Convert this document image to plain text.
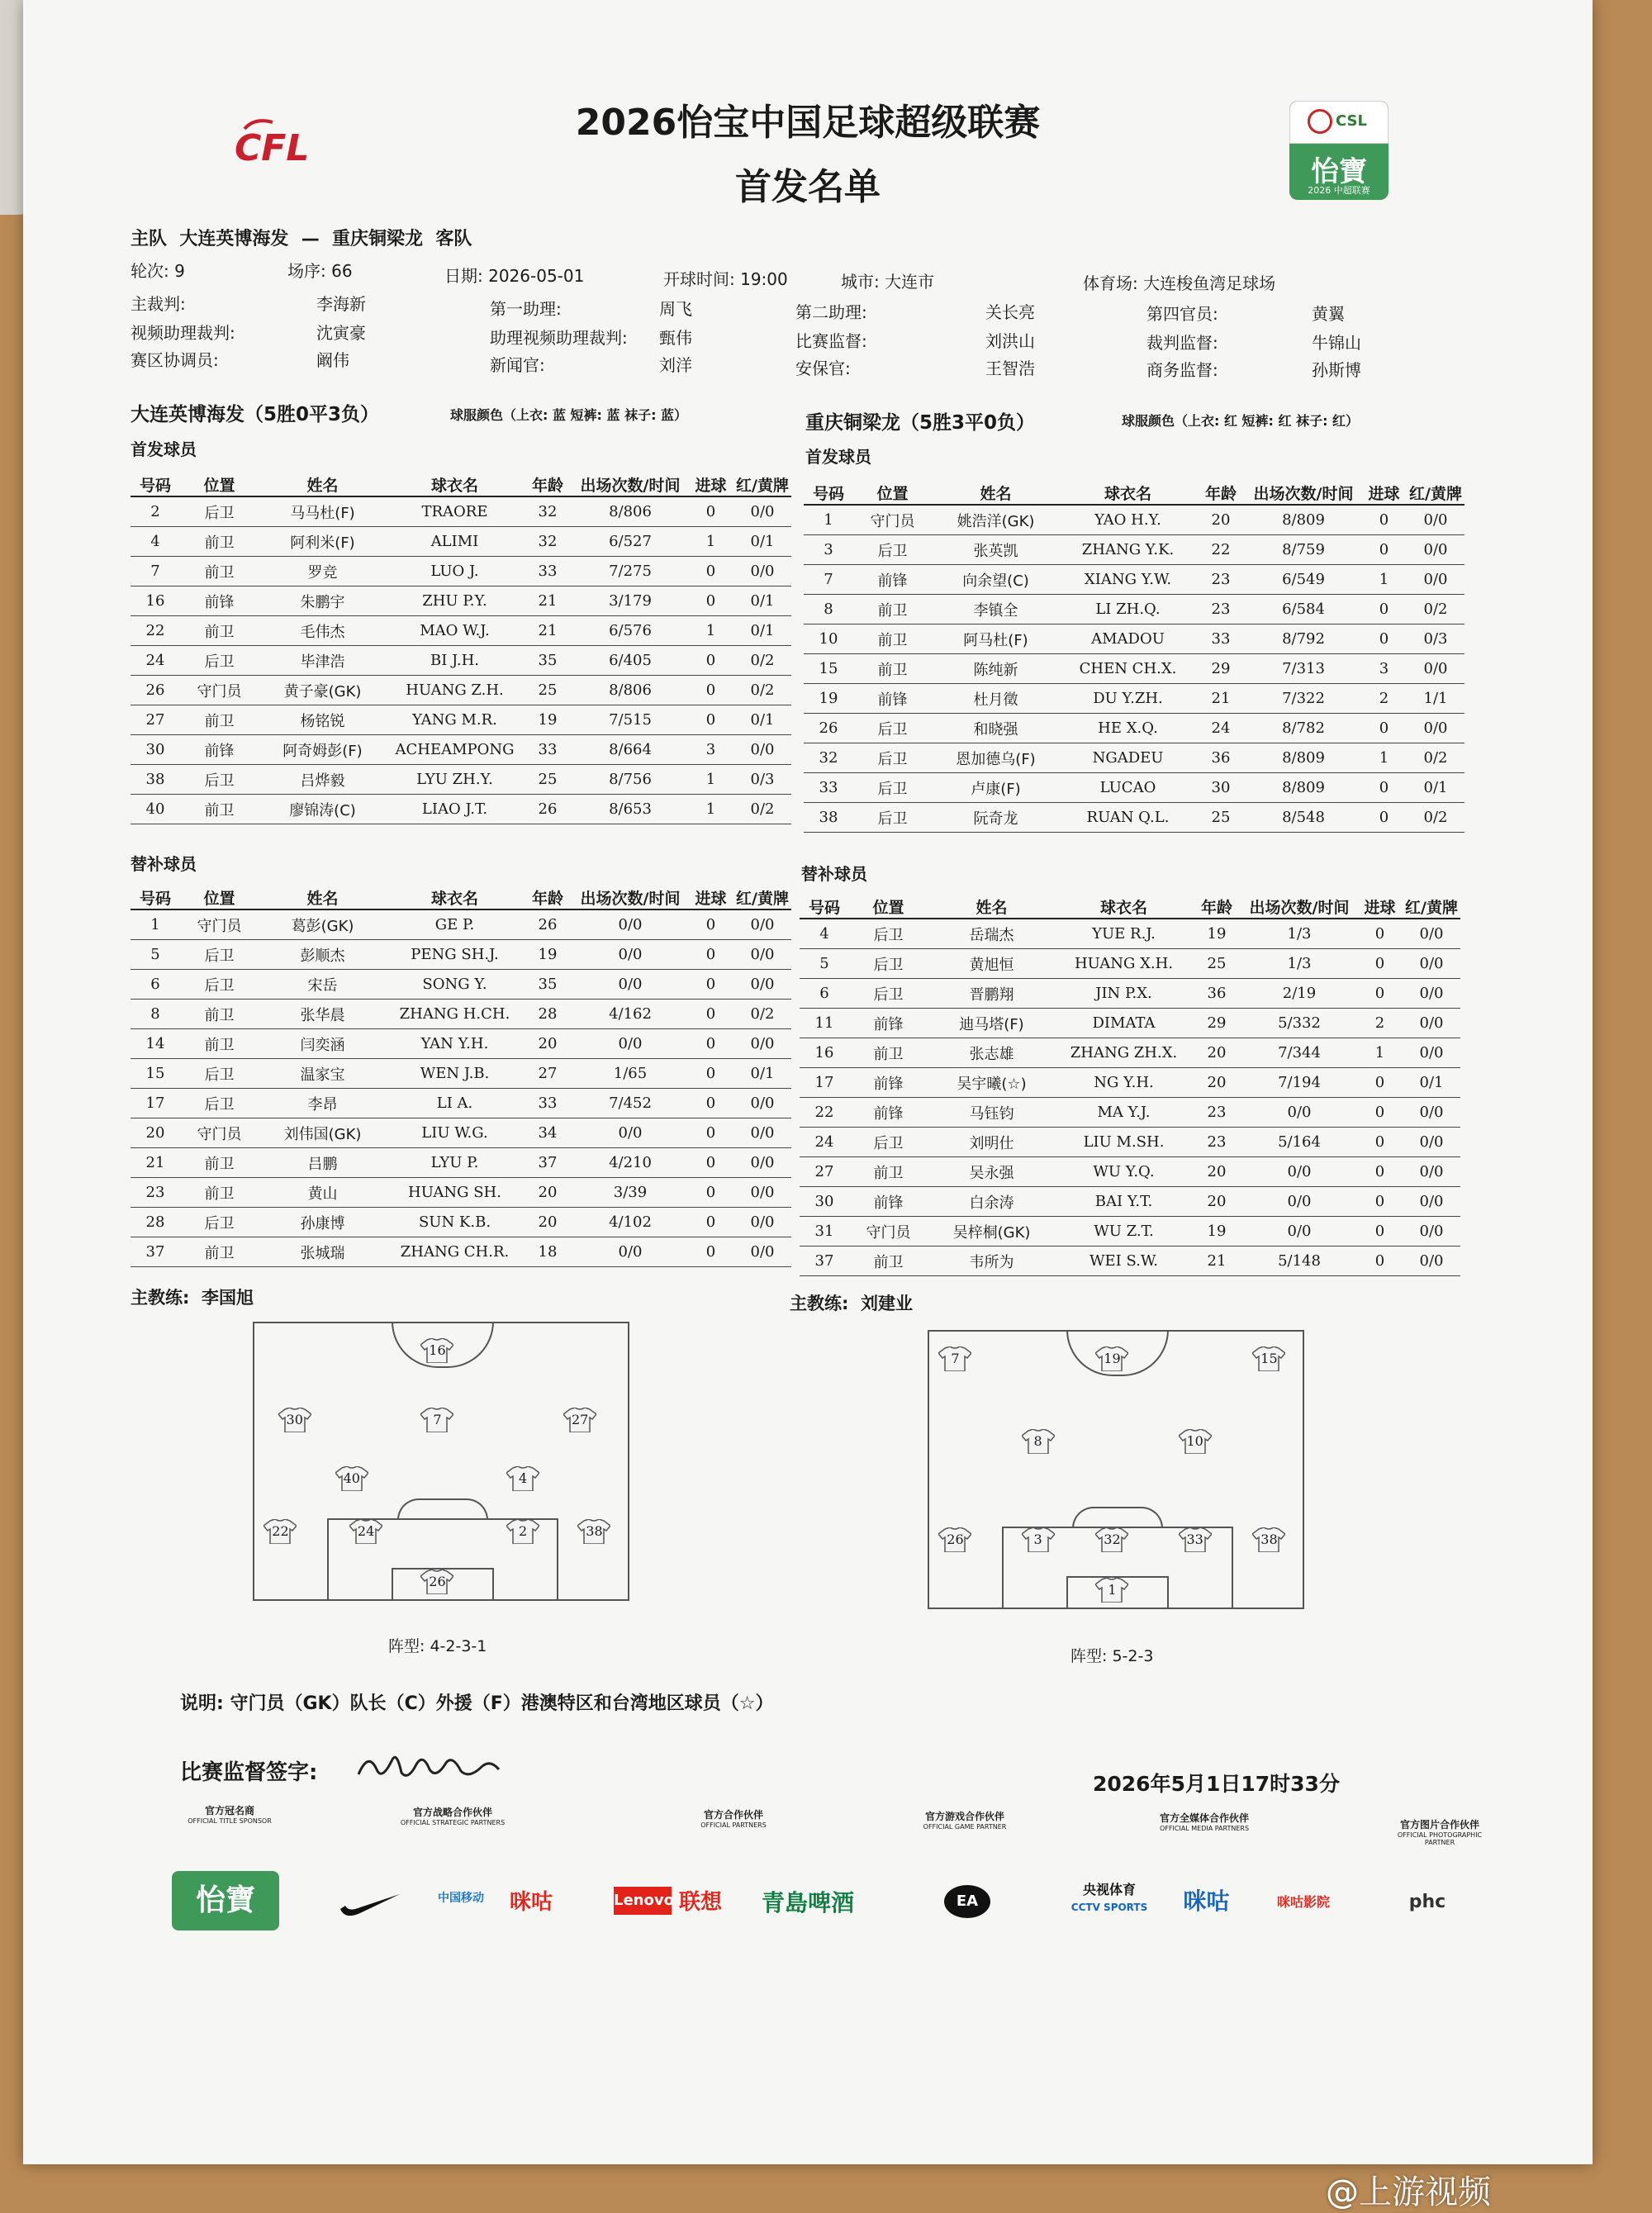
CFL
CSL
怡寶
2026 中超联赛
2026怡宝中国足球超级联赛
首发名单
主队 大连英博海发 — 重庆铜梁龙 客队
轮次: 9	场序: 66	日期: 2026-05-01	开球时间: 19:00	城市: 大连市	体育场: 大连梭鱼湾足球场
主裁判:	李海新	第一助理:	周飞	第二助理:	关长亮	第四官员:	黄翼
视频助理裁判:	沈寅豪	助理视频助理裁判: 甄伟	比赛监督:	刘洪山	裁判监督:	牛锦山
赛区协调员:	阚伟	新闻官:	刘洋	安保官:	王智浩	商务监督:	孙斯博
大连英博海发（5胜0平3负）	球服颜色（上衣: 蓝 短裤: 蓝 袜子: 蓝）	重庆铜梁龙（5胜3平0负）	球服颜色（上衣: 红 短裤: 红 袜子: 红）
首发球员	首发球员
号码	位置	姓名	球衣名	年龄	出场次数/时间	进球	红/黄牌
2	后卫	马马杜(F)	TRAORE	32	8/806	0	0/0
4	前卫	阿利米(F)	ALIMI	32	6/527	1	0/1
7	前卫	罗竞	LUO J.	33	7/275	0	0/0
16	前锋	朱鹏宇	ZHU P.Y.	21	3/179	0	0/1
22	前卫	毛伟杰	MAO W.J.	21	6/576	1	0/1
24	后卫	毕津浩	BI J.H.	35	6/405	0	0/2
26	守门员	黄子豪(GK)	HUANG Z.H.	25	8/806	0	0/2
27	前卫	杨铭锐	YANG M.R.	19	7/515	0	0/1
30	前锋	阿奇姆彭(F)	ACHEAMPONG	33	8/664	3	0/0
38	后卫	吕烨毅	LYU ZH.Y.	25	8/756	1	0/3
40	前卫	廖锦涛(C)	LIAO J.T.	26	8/653	1	0/2
号码	位置	姓名	球衣名	年龄	出场次数/时间	进球	红/黄牌
1	守门员	姚浩洋(GK)	YAO H.Y.	20	8/809	0	0/0
3	后卫	张英凯	ZHANG Y.K.	22	8/759	0	0/0
7	前锋	向余望(C)	XIANG Y.W.	23	6/549	1	0/0
8	前卫	李镇全	LI ZH.Q.	23	6/584	0	0/2
10	前卫	阿马杜(F)	AMADOU	33	8/792	0	0/3
15	前卫	陈纯新	CHEN CH.X.	29	7/313	3	0/0
19	前锋	杜月徵	DU Y.ZH.	21	7/322	2	1/1
26	后卫	和晓强	HE X.Q.	24	8/782	0	0/0
32	后卫	恩加德乌(F)	NGADEU	36	8/809	1	0/2
33	后卫	卢康(F)	LUCAO	30	8/809	0	0/1
38	后卫	阮奇龙	RUAN Q.L.	25	8/548	0	0/2
替补球员	替补球员
号码	位置	姓名	球衣名	年龄	出场次数/时间	进球	红/黄牌
1	守门员	葛彭(GK)	GE P.	26	0/0	0	0/0
5	后卫	彭顺杰	PENG SH.J.	19	0/0	0	0/0
6	后卫	宋岳	SONG Y.	35	0/0	0	0/0
8	前卫	张华晨	ZHANG H.CH.	28	4/162	0	0/2
14	前卫	闫奕涵	YAN Y.H.	20	0/0	0	0/0
15	后卫	温家宝	WEN J.B.	27	1/65	0	0/1
17	后卫	李昂	LI A.	33	7/452	0	0/0
20	守门员	刘伟国(GK)	LIU W.G.	34	0/0	0	0/0
21	前卫	吕鹏	LYU P.	37	4/210	0	0/0
23	前卫	黄山	HUANG SH.	20	3/39	0	0/0
28	后卫	孙康博	SUN K.B.	20	4/102	0	0/0
37	前卫	张城瑞	ZHANG CH.R.	18	0/0	0	0/0
号码	位置	姓名	球衣名	年龄	出场次数/时间	进球	红/黄牌
4	后卫	岳瑞杰	YUE R.J.	19	1/3	0	0/0
5	后卫	黄旭恒	HUANG X.H.	25	1/3	0	0/0
6	后卫	晋鹏翔	JIN P.X.	36	2/19	0	0/0
11	前锋	迪马塔(F)	DIMATA	29	5/332	2	0/0
16	前卫	张志雄	ZHANG ZH.X.	20	7/344	1	0/0
17	前锋	吴宇曦(☆)	NG Y.H.	20	7/194	0	0/1
22	前锋	马钰钧	MA Y.J.	23	0/0	0	0/0
24	后卫	刘明仕	LIU M.SH.	23	5/164	0	0/0
27	前卫	吴永强	WU Y.Q.	20	0/0	0	0/0
30	前锋	白余涛	BAI Y.T.	20	0/0	0	0/0
31	守门员	吴梓桐(GK)	WU Z.T.	19	0/0	0	0/0
37	前卫	韦所为	WEI S.W.	21	5/148	0	0/0
主教练: 李国旭	主教练: 刘建业
16
30	7	27
40	4
22	24	2	38
26
阵型: 4-2-3-1
7	19	15
8	10
26	3	32	33	38
1
阵型: 5-2-3
说明: 守门员（GK）队长（C）外援（F）港澳特区和台湾地区球员（☆）
比赛监督签字:	2026年5月1日17时33分
官方冠名商
OFFICIAL TITLE SPONSOR
官方战略合作伙伴
OFFICIAL STRATEGIC PARTNERS
官方合作伙伴
OFFICIAL PARTNERS
官方游戏合作伙伴
OFFICIAL GAME PARTNER
官方全媒体合作伙伴
OFFICIAL MEDIA PARTNERS	官方图片合作伙伴
OFFICIAL PHOTOGRAPHIC PARTNER
怡寶	中国移动	咪咕	Lenovo 联想	青島啤酒	EA
央视体育
CCTV SPORTS	咪咕	咪咕影院	phc
@上游视频
